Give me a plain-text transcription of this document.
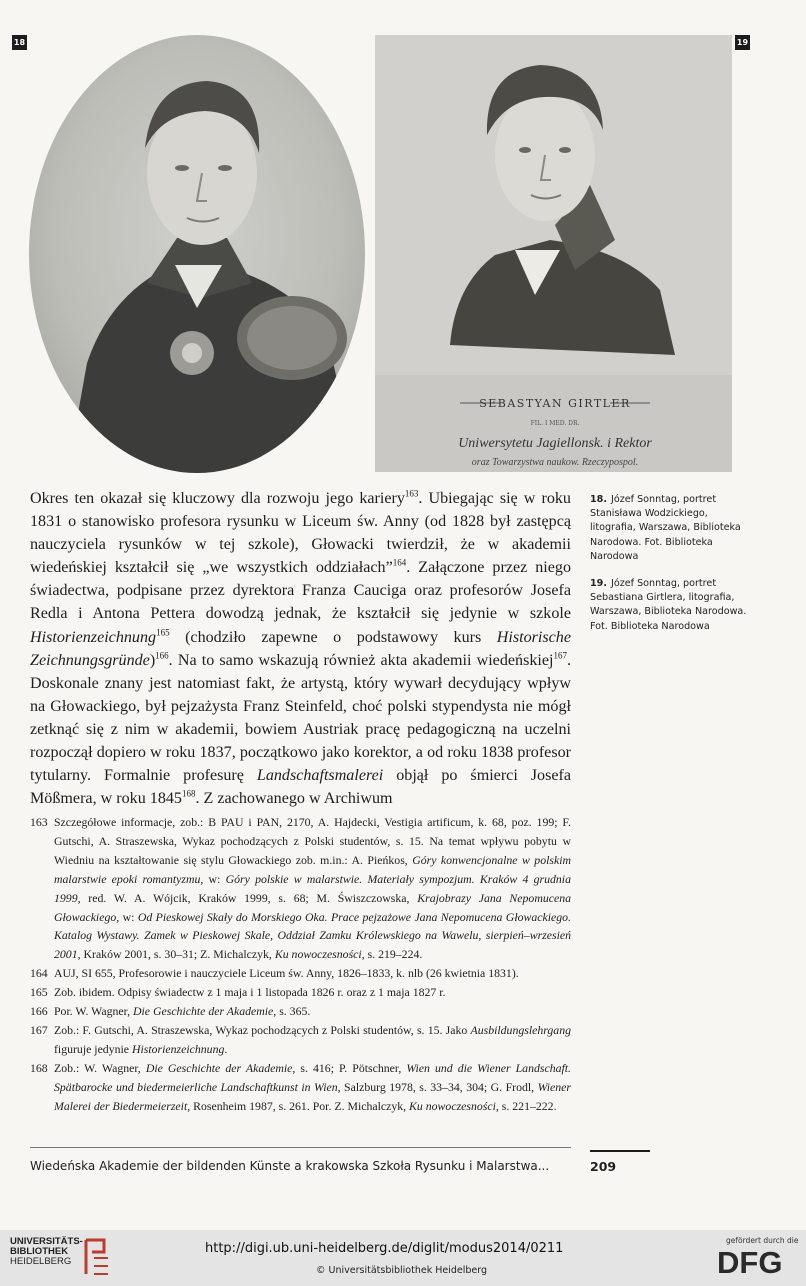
18	19
SEBASTYAN GIRTLER
FIL. I MED. DR.
Uniwersytetu Jagiellonsk. i Rektor
oraz Towarzystwa naukow. Rzeczypospol.
Okres ten okazał się kluczowy dla rozwoju jego kariery$^{163}$. Ubiegając się w roku 1831 o stanowisko profesora rysunku w Liceum św. Anny (od 1828 był zastępcą nauczyciela rysunków w tej szkole), Głowacki twierdził, że w akademii wiedeńskiej kształcił się „we wszystkich oddziałach”$^{164}$. Załączone przez niego świadectwa, podpisane przez dyrektora Franza Cauciga oraz profesorów Josefa Redla i Antona Pettera dowodzą jednak, że kształcił się jedynie w szkole Historienzeichnung$^{165}$ (chodziło zapewne o podstawowy kurs Historische Zeichnungsgründe)$^{166}$. Na to samo wskazują również akta akademii wiedeńskiej$^{167}$. Doskonale znany jest natomiast fakt, że artystą, który wywarł decydujący wpływ na Głowackiego, był pejzażysta Franz Steinfeld, choć polski stypendysta nie mógł zetknąć się z nim w akademii, bowiem Austriak pracę pedagogiczną na uczelni rozpoczął dopiero w roku 1837, początkowo jako korektor, a od roku 1838 profesor tytularny. Formalnie profesurę Landschaftsmalerei objął po śmierci Josefa Mößmera, w roku 1845$^{168}$. Z zachowanego w Archiwum

18. Józef Sonntag, portret Stanisława Wodzickiego, litografia, Warszawa, Biblioteka Narodowa. Fot. Biblioteka Narodowa

19. Józef Sonntag, portret Sebastiana Girtlera, litografia, Warszawa, Biblioteka Narodowa. Fot. Biblioteka Narodowa

163 Szczegółowe informacje, zob.: B PAU i PAN, 2170, A. Hajdecki, Vestigia artificum, k. 68, poz. 199; F. Gutschi, A. Straszewska, Wykaz pochodzących z Polski studentów, s. 15. Na temat wpływu pobytu w Wiedniu na kształtowanie się stylu Głowackiego zob. m.in.: A. Pieńkos, Góry konwencjonalne w polskim malarstwie epoki romantyzmu, w: Góry polskie w malarstwie. Materiały sympozjum. Kraków 4 grudnia 1999, red. W. A. Wójcik, Kraków 1999, s. 68; M. Świszczowska, Krajobrazy Jana Nepomucena Głowackiego, w: Od Pieskowej Skały do Morskiego Oka. Prace pejzażowe Jana Nepomucena Głowackiego. Katalog Wystawy. Zamek w Pieskowej Skale, Oddział Zamku Królewskiego na Wawelu, sierpień–wrzesień 2001, Kraków 2001, s. 30–31; Z. Michalczyk, Ku nowoczesności, s. 219–224.

164 AUJ, SI 655, Profesorowie i nauczyciele Liceum św. Anny, 1826–1833, k. nlb (26 kwietnia 1831).

165 Zob. ibidem. Odpisy świadectw z 1 maja i 1 listopada 1826 r. oraz z 1 maja 1827 r.

166 Por. W. Wagner, Die Geschichte der Akademie, s. 365.

167 Zob.: F. Gutschi, A. Straszewska, Wykaz pochodzących z Polski studentów, s. 15. Jako Ausbildungslehrgang figuruje jedynie Historienzeichnung.

168 Zob.: W. Wagner, Die Geschichte der Akademie, s. 416; P. Pötschner, Wien und die Wiener Landschaft. Spätbarocke und biedermeierliche Landschaftkunst in Wien, Salzburg 1978, s. 33–34, 304; G. Frodl, Wiener Malerei der Biedermeierzeit, Rosenheim 1987, s. 261. Por. Z. Michalczyk, Ku nowoczesności, s. 221–222.

Wiedeńska Akademie der bildenden Künste a krakowska Szkoła Rysunku i Malarstwa...	209
UNIVERSITÄTS-
BIBLIOTHEK
HEIDELBERG
http://digi.ub.uni-heidelberg.de/diglit/modus2014/0211
© Universitätsbibliothek Heidelberg
gefördert durch die
DFG
